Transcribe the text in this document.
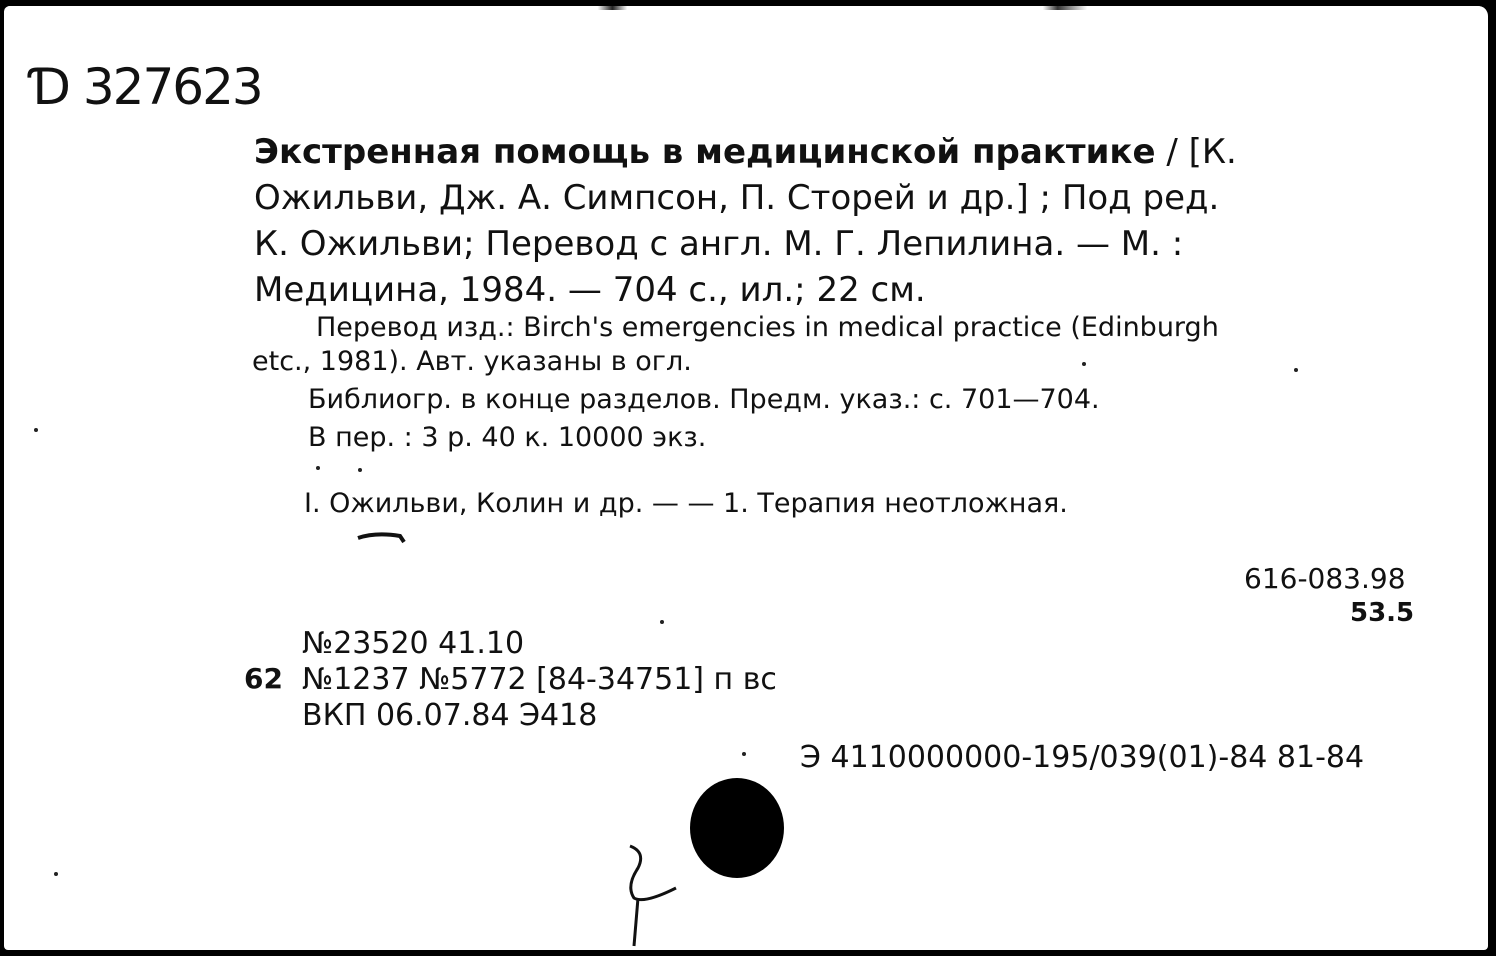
Ɗ 327623
Экстренная помощь в медицинской практике / [К.
Ожильви, Дж. А. Симпсон, П. Сторей и др.] ; Под ред.
К. Ожильви; Перевод с англ. М. Г. Лепилина. — М. :
Медицина, 1984. — 704 с., ил.; 22 см.
Перевод изд.: Birch's emergencies in medical practice (Edinburgh
etc., 1981). Авт. указаны в огл.
Библиогр. в конце разделов. Предм. указ.: с. 701—704.
В пер. : 3 р. 40 к. 10000 экз.
I. Ожильви, Колин и др. — — 1. Терапия неотложная.
616-083.98
53.5
№23520 41.10
62 №1237 №5772 [84-34751] п вс
ВКП 06.07.84 Э418
Э 4110000000-195/039(01)-84 81-84
